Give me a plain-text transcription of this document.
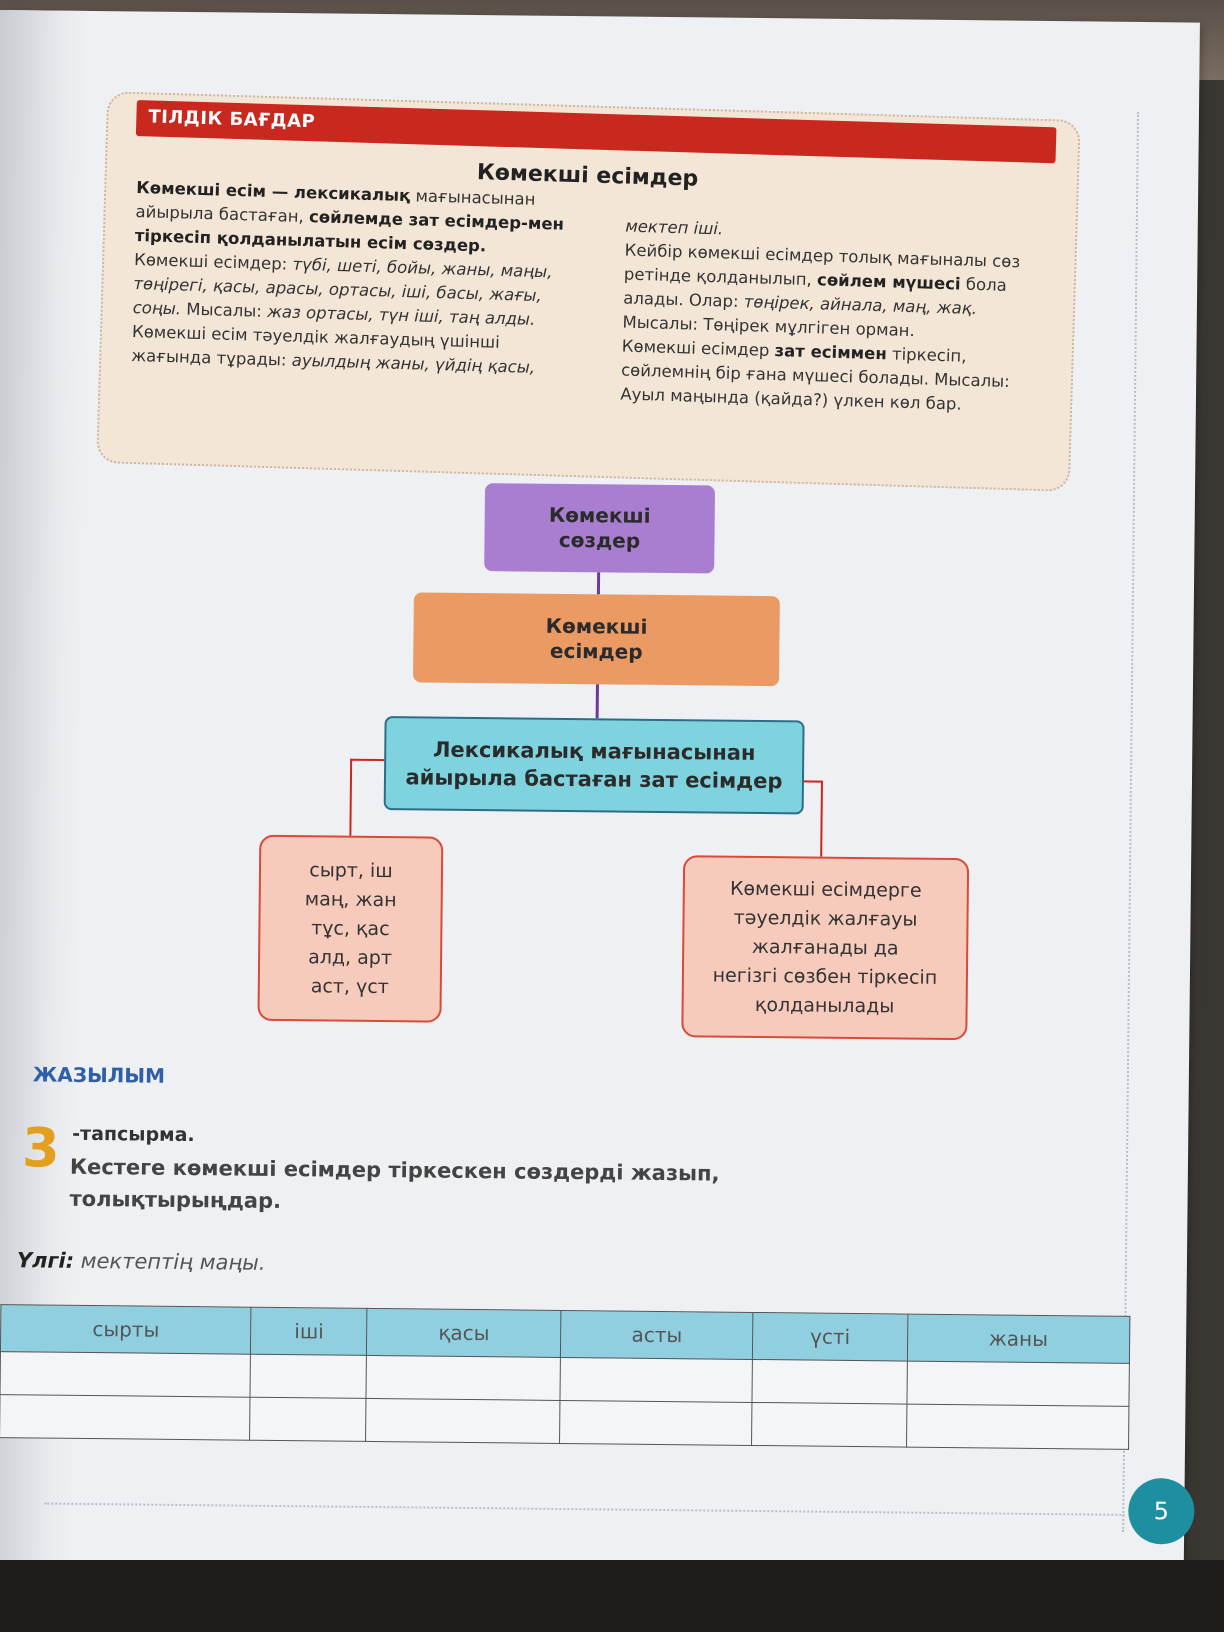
ТІЛДІК БАҒДАР
Көмекші есімдер

Көмекші есім — лексикалық мағынасынан айырыла бастаған, сөйлемде зат есімдер-мен тіркесіп қолданылатын есім сөздер.

Көмекші есімдер: түбі, шеті, бойы, жаны, маңы, төңірегі, қасы, арасы, ортасы, іші, басы, жағы, соңы. Мысалы: жаз ортасы, түн іші, таң алды.

Көмекші есім тәуелдік жалғаудың үшінші жағында тұрады: ауылдың жаны, үйдің қасы,

мектеп іші.

Кейбір көмекші есімдер толық мағыналы сөз ретінде қолданылып, сөйлем мүшесі бола алады. Олар: төңірек, айнала, маң, жақ. Мысалы: Төңірек мұлгіген орман.

Көмекші есімдер зат есіммен тіркесіп, сөйлемнің бір ғана мүшесі болады. Мысалы: Ауыл маңында (қайда?) үлкен көл бар.

Көмекші
сөздер
Көмекші
есімдер
Лексикалық мағынасынан
айырыла бастаған зат есімдер
сырт, іш
маң, жан
тұс, қас
алд, арт
аст, үст
Көмекші есімдерге
тәуелдік жалғауы
жалғанады да
негізгі сөзбен тіркесіп
қолданылады
ЖАЗЫЛЫМ
3 -тапсырма.
Кестеге көмекші есімдер тіркескен сөздерді жазып, толықтырыңдар.
Үлгі: мектептің маңы.
сырты	іші	қасы	асты	үсті	жаны

5
